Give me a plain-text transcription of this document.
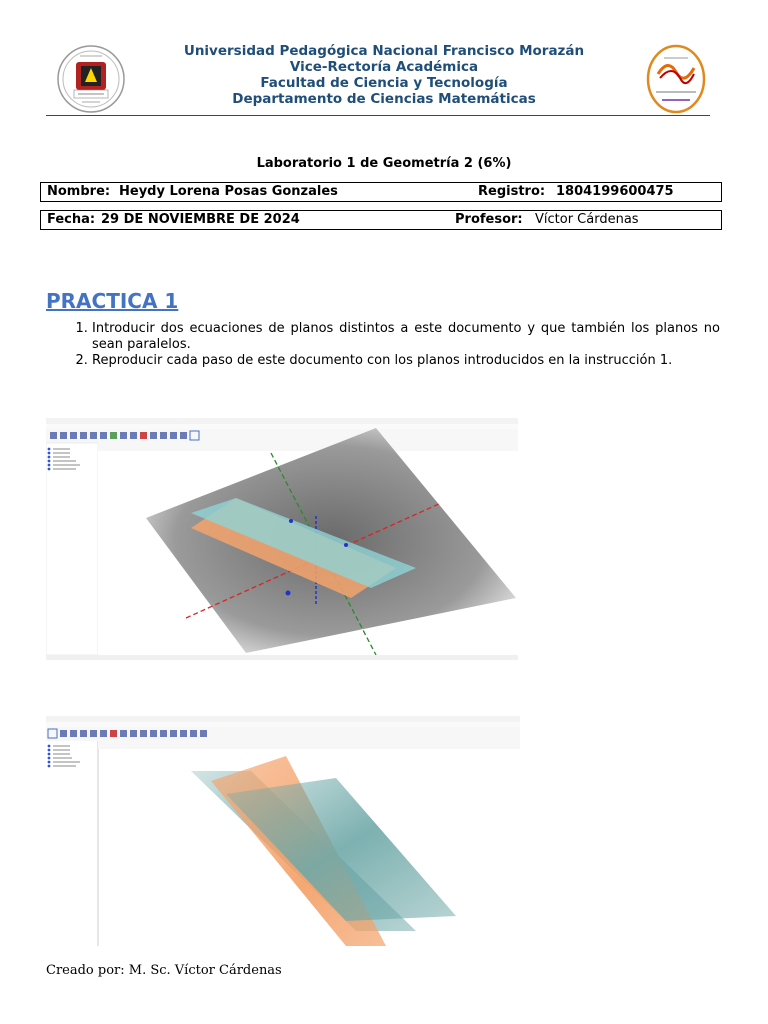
Universidad Pedagógica Nacional Francisco Morazán
Vice-Rectoría Académica
Facultad de Ciencia y Tecnología
Departamento de Ciencias Matemáticas
Laboratorio 1 de Geometría 2 (6%)
Nombre: Heydy Lorena Posas Gonzales	Registro: 1804199600475
Fecha: 29 DE NOVIEMBRE DE 2024	Profesor: Víctor Cárdenas
PRACTICA 1
1. Introducir dos ecuaciones de planos distintos a este documento y que también los planos no sean paralelos.
2. Reproducir cada paso de este documento con los planos introducidos en la instrucción 1.
Creado por: M. Sc. Víctor Cárdenas
